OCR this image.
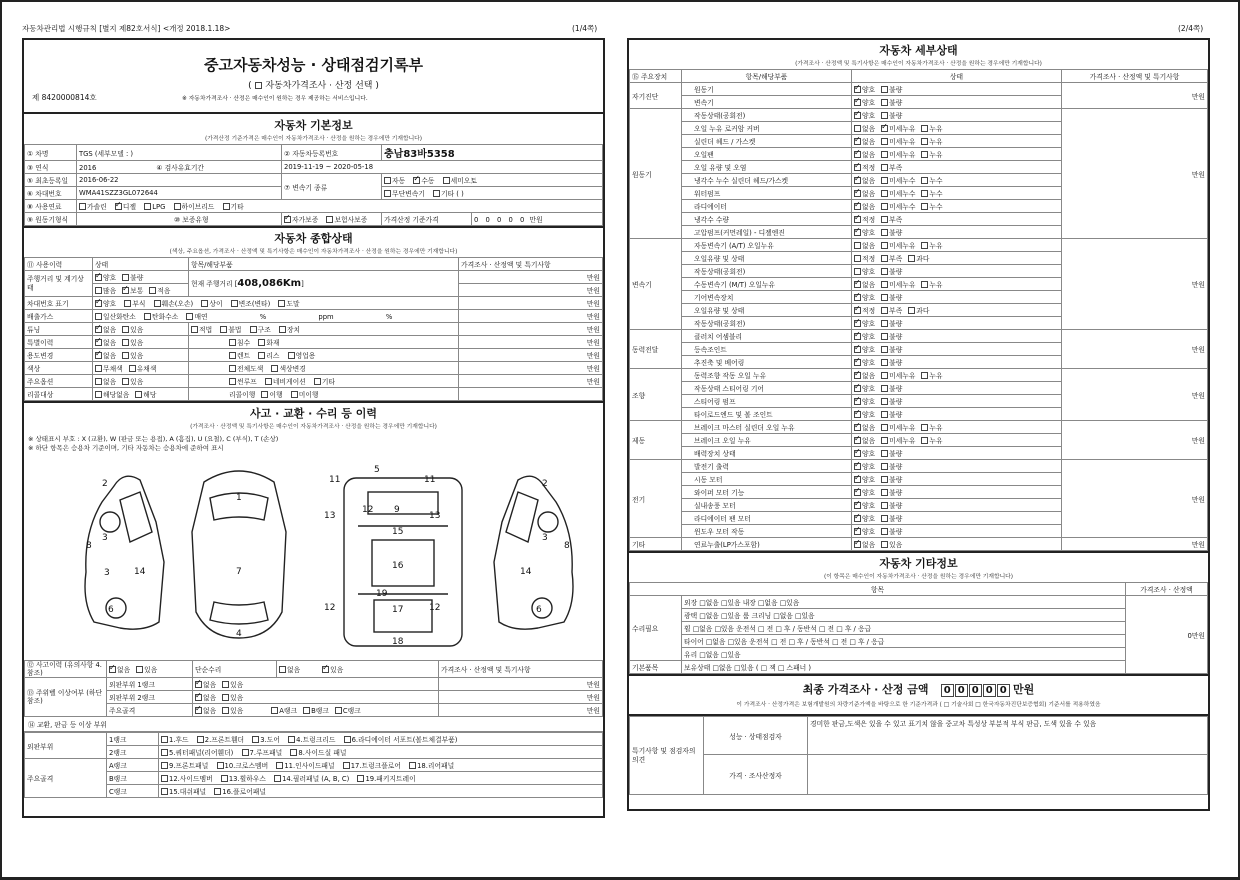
자동차관리법 시행규칙 [별지 제82호서식] <개정 2018.1.18>	(1/4쪽)	(2/4쪽)
중고자동차성능 · 상태점검기록부
(  자동차가격조사 · 산정 선택 )
제 8420000814호	※ 자동차가격조사 · 산정은 매수인이 원하는 경우 제공하는 서비스입니다.
자동차 기본정보
(가격산정 기준가격은 매수인이 자동차가격조사 · 산정을 원하는 경우에만 기재합니다)
① 차명	TGS (세부모델 : )	② 자동차등록번호	충남83바5358	
③ 연식	2016 ④ 검사유효기간	2019-11-19 ~ 2020-05-18		
⑤ 최초등록일	2016-06-22	⑦ 변속기 종류	자동 ✓ 수동 세미오토
⑥ 차대번호	WMA41SZZ3GL072644		무단변속기 기타 ( )	
⑧ 사용연료	가솔린 ✓ 디젤 LPG 하이브리드 기타
⑨ 원동기형식	⑩ 보증유형	✓자가보증 보험사보증	가격산정 기준가격	0 0 0 0 0 만원
자동차 종합상태
(색상, 주요옵션, 가격조사 · 산정액 및 특기사항은 매수인이 자동차가격조사 · 산정을 원하는 경우에만 기재합니다)
⑪ 사용이력	상태	항목/해당부품	가격조사 · 산정액 및 특기사항
주행거리 및 계기상태	✓양호 불량	현재 주행거리 [408,086Km]	만원
	많음 ✓ 보통 적음		만원
차대번호 표기	✓양호 부식 훼손(오손) 상이 변조(변타) 도말		만원
배출가스	일산화탄소 탄화수소 매연 % ppm %		만원
튜닝	✓없음 있음	적법 불법 구조 장치	만원
특별이력	✓없음 있음	침수 화재	만원
용도변경	✓없음 있음	렌트 리스 영업용	만원
색상	무채색 유채색	전체도색 색상변경	만원
주요옵션	없음 있음	썬루프 네비게이션 기타	만원
리콜대상	해당없음 해당	리콜이행 이행 미이행	
사고 · 교환 · 수리 등 이력
(가격조사 · 산정액 및 특기사항은 매수인이 자동차가격조사 · 산정을 원하는 경우에만 기재합니다)
※ 상태표시 부호 : X (교환), W (판금 또는 용접), A (흠집), U (요철), C (부식), T (손상)
※ 하단 항목은 승용차 기준이며, 기타 자동차는 승용차에 준하여 표시
2
3
8
3	14
6
1
7
4
5
11	11
13	13
12 9
15
16
17
18
12	12
19
2
3
8
14
6
⑫ 사고이력 (유의사항 4.참조)	✓없음 있음	단순수리	없음 ✓ 있음	가격조사 · 산정액 및 특기사항
⑬ 주위벨 이상여부 (하단참조)	외판부위 1랭크	✓없음 있음		만원
	외판부위 2랭크	✓없음 있음		만원
	주요골격	✓없음 있음 A랭크 B랭크 C랭크		만원
⑭ 교환, 판금 등 이상 부위
외판부위	1랭크	1.후드 2.프론트휀더 3.도어 4.트렁크리드 6.라디에이터 서포트(볼트체결부품)
	2랭크	5.쿼터패널(리어휀더) 7.루프패널 8.사이드실 패널
주요골격	A랭크	9.프론트패널 10.크로스멤버 11.인사이드패널 17.트렁크플로어 18.리어패널
	B랭크	12.사이드멤버 13.휠하우스 14.필러패널 (A, B, C) 19.패키지트레이
	C랭크	15.대쉬패널 16.플로어패널
자동차 세부상태
(가격조사 · 산정액 및 특기사항은 매수인이 자동차가격조사 · 산정을 원하는 경우에만 기재합니다)
⑮ 주요장치	항목/해당부품	상태	가격조사 · 산정액 및 특기사항
자기진단	원동기	✓양호 불량	만원
	변속기	✓양호 불량
원동기	작동상태(공회전)	✓양호 불량	만원
	오일 누유 로커암 커버	없음 ✓ 미세누유 누유
	실린더 헤드 / 가스켓	✓없음 미세누유 누유
	오일팬	✓없음 미세누유 누유
	오일 유량 및 오염	✓적정 부족
	냉각수 누수 실린더 헤드/가스켓	✓없음 미세누수 누수
	워터펌프	✓없음 미세누수 누수
	라디에이터	✓없음 미세누수 누수
	냉각수 수량	✓적정 부족
	고압펌프(커먼레일) - 디젤엔진	✓양호 불량
변속기	자동변속기 (A/T) 오일누유	없음 미세누유 누유	만원
	오일유량 및 상태	적정 부족 과다	
	작동상태(공회전)	양호 불량	
	수동변속기 (M/T) 오일누유	✓없음 미세누유 누유
	기어변속장치	✓양호 불량
	오일유량 및 상태	✓적정 부족 과다
	작동상태(공회전)	✓양호 불량
동력전달	클러치 어셈블리	✓양호 불량	만원
	등속조인트	✓양호 불량
	추진축 및 베어링	✓양호 불량
조향	동력조향 작동 오일 누유	✓없음 미세누유 누유	만원
	작동상태 스티어링 기어	✓양호 불량
	스티어링 펌프	✓양호 불량
	타이로드엔드 및 볼 조인트	✓양호 불량
제동	브레이크 마스터 실린더 오일 누유	✓없음 미세누유 누유	만원
	브레이크 오일 누유	✓없음 미세누유 누유
	배력장치 상태	✓양호 불량
전기	발전기 출력	✓양호 불량	만원
	시동 모터	✓양호 불량
	와이퍼 모터 기능	✓양호 불량
	실내송풍 모터	✓양호 불량
	라디에이터 팬 모터	✓양호 불량
	윈도우 모터 작동	✓양호 불량
기타	연료누출(LP가스포함)	✓없음 있음	만원
자동차 기타정보
(이 항목은 매수인이 자동차가격조사 · 산정을 원하는 경우에만 기재합니다)
항목		가격조사 · 산정액
수리필요	외장 □없음 □있음 내장 □없음 □있음	0만원
	광택 □없음 □있음 룸 크리닝 □없음 □있음	
	휠 □없음 □있음 운전석 □ 전 □ 후 / 동반석 □ 전 □ 후 / 응급	
	타이어 □없음 □있음 운전석 □ 전 □ 후 / 동반석 □ 전 □ 후 / 응급	
	유리 □없음 □있음	
기본품목	보유상태 □없음 □있음 ( □ 잭 □ 스패너 )	
최종 가격조사 · 산정 금액 0 0 0 0 0 만원
이 가격조사 · 산정가격은 보험개발원의 차량기준가액을 바탕으로 한 기준가격과 ( □ 기술사회 □ 한국자동차진단보증협회) 기준서를 적용하였음
특기사항 및 점검자의 의견	성능 · 상태점검자	경미한 판금,도색은 있을 수 있고 표기치 않을 중고차 특성상 부분적 부식 판금, 도색 있을 수 있음
	가격 · 조사산정자	
